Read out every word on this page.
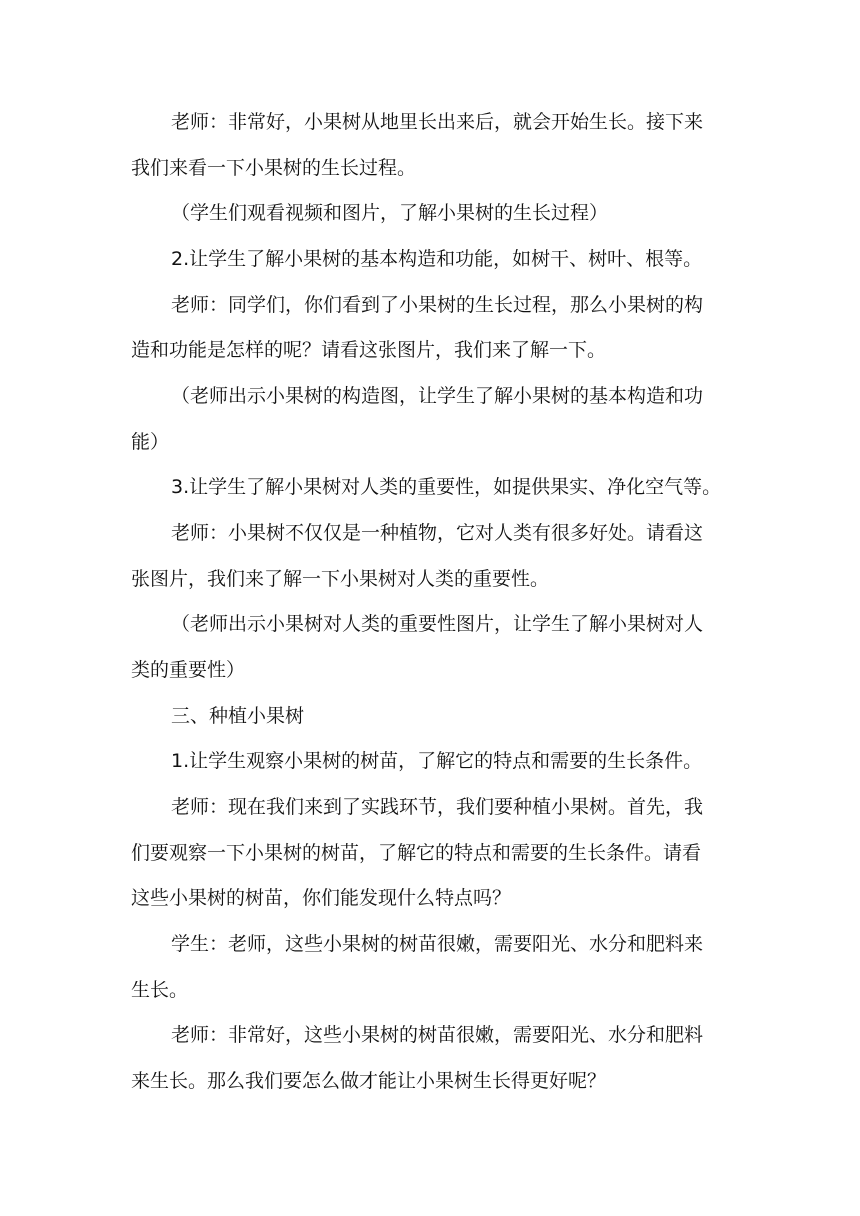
老师：非常好，小果树从地里长出来后，就会开始生长。接下来
我们来看一下小果树的生长过程。
（学生们观看视频和图片，了解小果树的生长过程）
2.让学生了解小果树的基本构造和功能，如树干、树叶、根等。
老师：同学们，你们看到了小果树的生长过程，那么小果树的构
造和功能是怎样的呢？请看这张图片，我们来了解一下。
（老师出示小果树的构造图，让学生了解小果树的基本构造和功
能）
3.让学生了解小果树对人类的重要性，如提供果实、净化空气等。
老师：小果树不仅仅是一种植物，它对人类有很多好处。请看这
张图片，我们来了解一下小果树对人类的重要性。
（老师出示小果树对人类的重要性图片，让学生了解小果树对人
类的重要性）
三、种植小果树
1.让学生观察小果树的树苗，了解它的特点和需要的生长条件。
老师：现在我们来到了实践环节，我们要种植小果树。首先，我
们要观察一下小果树的树苗，了解它的特点和需要的生长条件。请看
这些小果树的树苗，你们能发现什么特点吗？
学生：老师，这些小果树的树苗很嫩，需要阳光、水分和肥料来
生长。
老师：非常好，这些小果树的树苗很嫩，需要阳光、水分和肥料
来生长。那么我们要怎么做才能让小果树生长得更好呢？
